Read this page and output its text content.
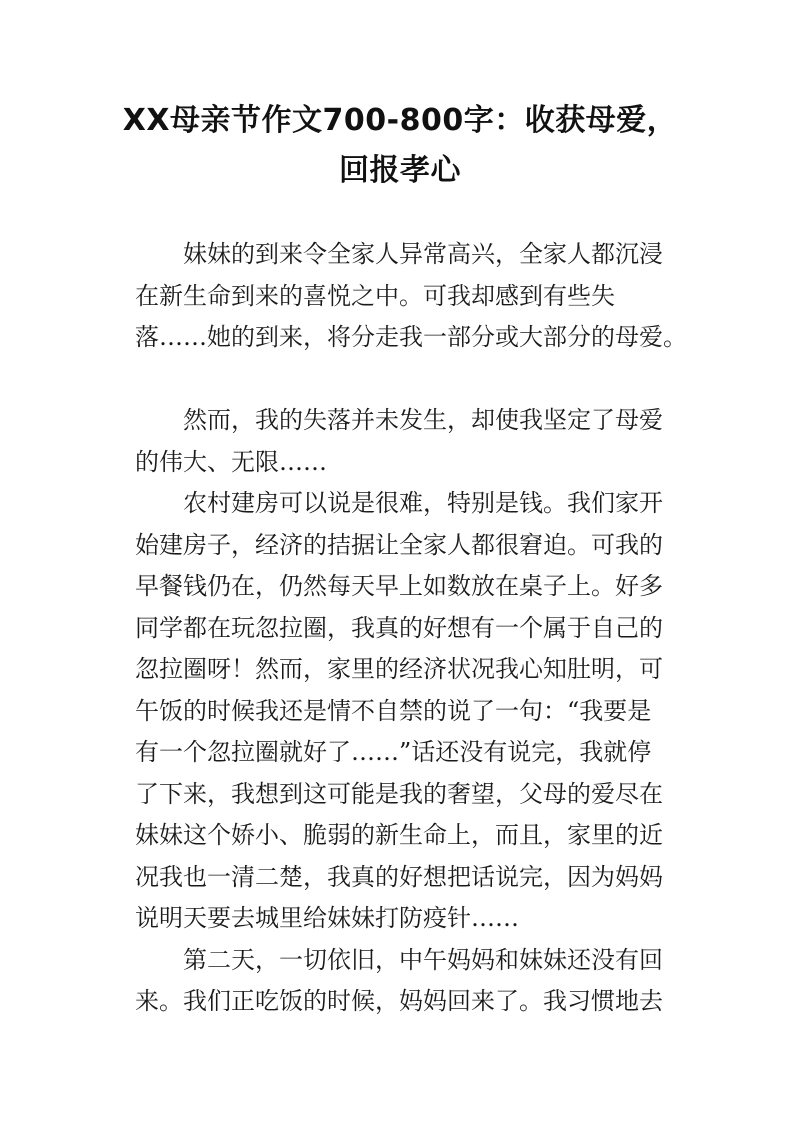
XX母亲节作文700-800字：收获母爱，
回报孝心
妹妹的到来令全家人异常高兴，全家人都沉浸
在新生命到来的喜悦之中。可我却感到有些失
落……她的到来，将分走我一部分或大部分的母爱。
然而，我的失落并未发生，却使我坚定了母爱
的伟大、无限……
农村建房可以说是很难，特别是钱。我们家开
始建房子，经济的拮据让全家人都很窘迫。可我的
早餐钱仍在，仍然每天早上如数放在桌子上。好多
同学都在玩忽拉圈，我真的好想有一个属于自己的
忽拉圈呀！然而，家里的经济状况我心知肚明，可
午饭的时候我还是情不自禁的说了一句：“我要是
有一个忽拉圈就好了……”话还没有说完，我就停
了下来，我想到这可能是我的奢望，父母的爱尽在
妹妹这个娇小、脆弱的新生命上，而且，家里的近
况我也一清二楚，我真的好想把话说完，因为妈妈
说明天要去城里给妹妹打防疫针……
第二天，一切依旧，中午妈妈和妹妹还没有回
来。我们正吃饭的时候，妈妈回来了。我习惯地去
